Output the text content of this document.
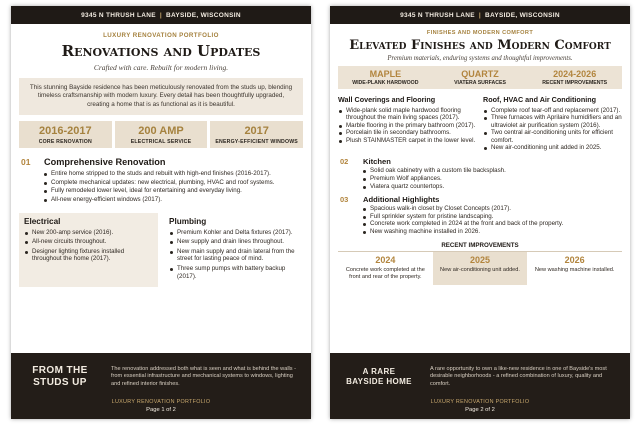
9345 N THRUSH LANE | BAYSIDE, WISCONSIN
LUXURY RENOVATION PORTFOLIO
Renovations and Updates
Crafted with care. Rebuilt for modern living.
This stunning Bayside residence has been meticulously renovated from the studs up, blending timeless craftsmanship with modern luxury. Every detail has been thoughtfully upgraded, creating a home that is as functional as it is beautiful.
2016-2017
CORE RENOVATION
200 AMP
ELECTRICAL SERVICE
2017
ENERGY-EFFICIENT WINDOWS
01	Comprehensive Renovation
Entire home stripped to the studs and rebuilt with high-end finishes (2016-2017).
Complete mechanical updates: new electrical, plumbing, HVAC and roof systems.
Fully remodeled lower level, ideal for entertaining and everyday living.
All-new energy-efficient windows (2017).
Electrical
New 200-amp service (2016).
All-new circuits throughout.
Designer lighting fixtures installed throughout the home (2017).
Plumbing
Premium Kohler and Delta fixtures (2017).
New supply and drain lines throughout.
New main supply and drain lateral from the street for lasting peace of mind.
Three sump pumps with battery backup (2017).
FROM THE
STUDS UP
The renovation addressed both what is seen and what is behind the walls - from essential infrastructure and mechanical systems to windows, lighting and refined interior finishes.
LUXURY RENOVATION PORTFOLIO
Page 1 of 2
9345 N THRUSH LANE | BAYSIDE, WISCONSIN
FINISHES AND MODERN COMFORT
Elevated Finishes and Modern Comfort
Premium materials, enduring systems and thoughtful improvements.
MAPLE
WIDE-PLANK HARDWOOD
QUARTZ
VIATERA SURFACES
2024-2026
RECENT IMPROVEMENTS
Wall Coverings and Flooring
Wide-plank solid maple hardwood flooring throughout the main living spaces (2017).
Marble flooring in the primary bathroom (2017).
Porcelain tile in secondary bathrooms.
Plush STAINMASTER carpet in the lower level.
Roof, HVAC and Air Conditioning
Complete roof tear-off and replacement (2017).
Three furnaces with Aprilaire humidifiers and an ultraviolet air purification system (2016).
Two central air-conditioning units for efficient comfort.
New air-conditioning unit added in 2025.
02	Kitchen
Solid oak cabinetry with a custom tile backsplash.
Premium Wolf appliances.
Viatera quartz countertops.
03	Additional Highlights
Spacious walk-in closet by Closet Concepts (2017).
Full sprinkler system for pristine landscaping.
Concrete work completed in 2024 at the front and back of the property.
New washing machine installed in 2026.
RECENT IMPROVEMENTS
2024
Concrete work completed at the front and rear of the property.
2025
New air-conditioning unit added.
2026
New washing machine installed.
A RARE
BAYSIDE HOME
A rare opportunity to own a like-new residence in one of Bayside's most desirable neighborhoods - a refined combination of luxury, quality and comfort.
LUXURY RENOVATION PORTFOLIO
Page 2 of 2
